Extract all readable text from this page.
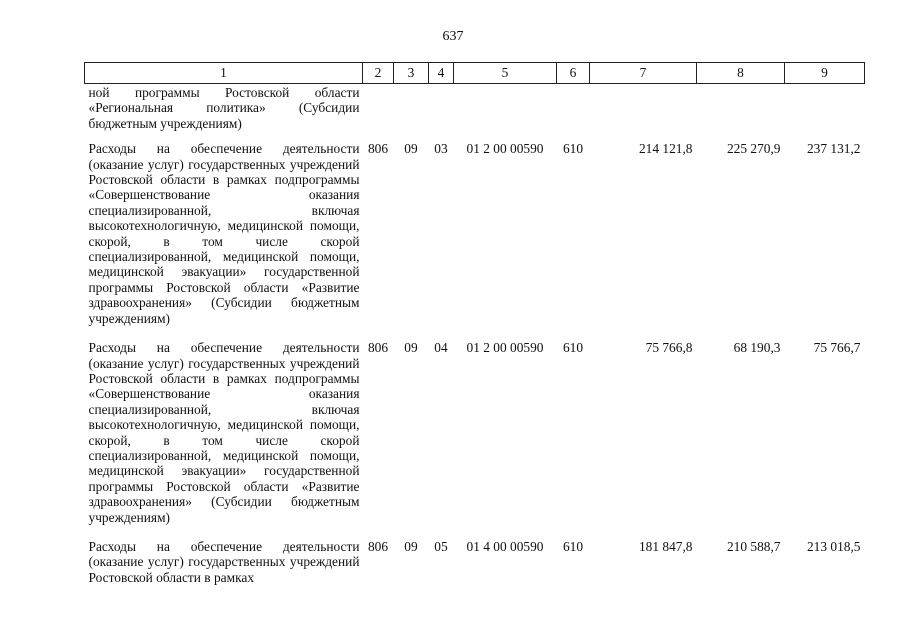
637
1	2	3	4	5	6	7	8	9

ной программы Ростовской области «Региональная политика» (Субсидии бюджетным учреждениям)								

Расходы на обеспечение деятельности (оказание услуг) государственных учреждений Ростовской области в рамках подпрограммы «Совершенствование оказания специализированной, включая высокотехнологичную, медицинской помощи, скорой, в том числе скорой специализированной, медицинской помощи, медицинской эвакуации» государственной программы Ростовской области «Развитие здравоохранения» (Субсидии бюджетным учреждениям)	806	09	03	01 2 00 00590	610	214 121,8	225 270,9	237 131,2

Расходы на обеспечение деятельности (оказание услуг) государственных учреждений Ростовской области в рамках подпрограммы «Совершенствование оказания специализированной, включая высокотехнологичную, медицинской помощи, скорой, в том числе скорой специализированной, медицинской помощи, медицинской эвакуации» государственной программы Ростовской области «Развитие здравоохранения» (Субсидии бюджетным учреждениям)	806	09	04	01 2 00 00590	610	75 766,8	68 190,3	75 766,7

Расходы на обеспечение деятельности (оказание услуг) государственных учреждений Ростовской области в рамках	806	09	05	01 4 00 00590	610	181 847,8	210 588,7	213 018,5
